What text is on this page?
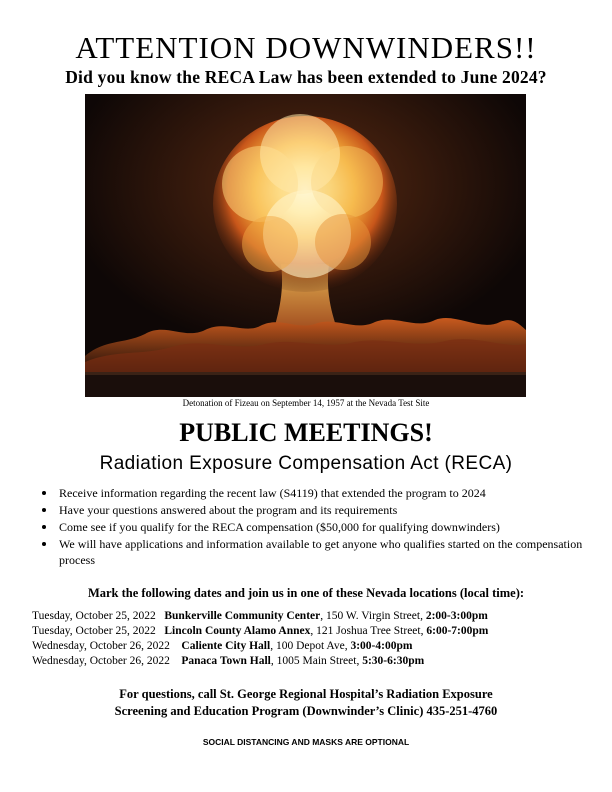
ATTENTION DOWNWINDERS!!
Did you know the RECA Law has been extended to June 2024?
Detonation of Fizeau on September 14, 1957 at the Nevada Test Site
PUBLIC MEETINGS!
Radiation Exposure Compensation Act (RECA)
Receive information regarding the recent law (S4119) that extended the program to 2024
Have your questions answered about the program and its requirements
Come see if you qualify for the RECA compensation ($50,000 for qualifying downwinders)
We will have applications and information available to get anyone who qualifies started on the compensation process
Mark the following dates and join us in one of these Nevada locations (local time):
Tuesday, October 25, 2022 Bunkerville Community Center, 150 W. Virgin Street, 2:00-3:00pm
Tuesday, October 25, 2022 Lincoln County Alamo Annex, 121 Joshua Tree Street, 6:00-7:00pm
Wednesday, October 26, 2022 Caliente City Hall, 100 Depot Ave, 3:00-4:00pm
Wednesday, October 26, 2022 Panaca Town Hall, 1005 Main Street, 5:30-6:30pm
For questions, call St. George Regional Hospital’s Radiation Exposure
Screening and Education Program (Downwinder’s Clinic) 435-251-4760
SOCIAL DISTANCING AND MASKS ARE OPTIONAL
